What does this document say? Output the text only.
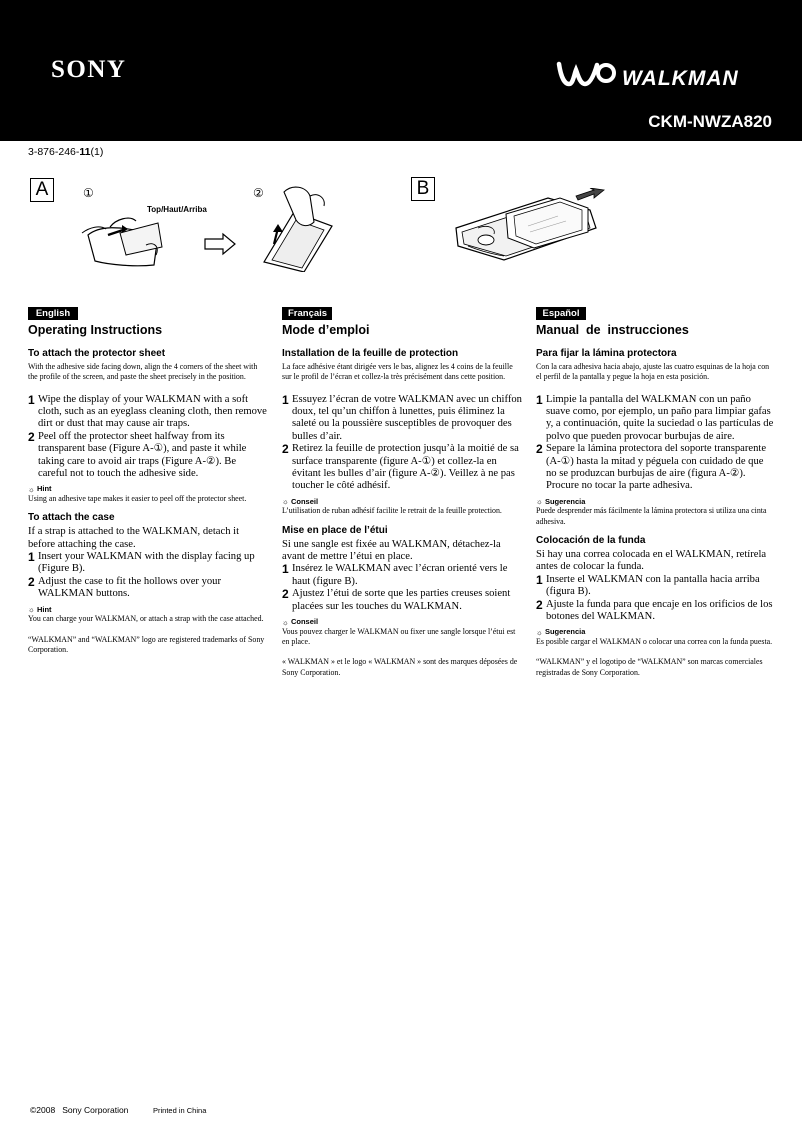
SONY	WALKMAN
CKM-NWZA820
3-876-246-11(1)
A	①	②
Top/Haut/Arriba
B
English
Operating Instructions
To attach the protector sheet

With the adhesive side facing down, align the 4 corners of the sheet with the profile of the screen, and paste the sheet precisely in the position.

1 Wipe the display of your WALKMAN with a soft cloth, such as an eyeglass cleaning cloth, then remove dirt or dust that may cause air traps.
2 Peel off the protector sheet halfway from its transparent base (Figure A-①), and paste it while taking care to avoid air traps (Figure A-②). Be careful not to touch the adhesive side.
☼ Hint

Using an adhesive tape makes it easier to peel off the protector sheet.

To attach the case
If a strap is attached to the WALKMAN, detach it before attaching the case.
1 Insert your WALKMAN with the display facing up (Figure B).
2 Adjust the case to fit the hollows over your WALKMAN buttons.
☼ Hint

You can charge your WALKMAN, or attach a strap with the case attached.

“WALKMAN” and “WALKMAN” logo are registered trademarks of Sony Corporation.
Français
Mode d’emploi
Installation de la feuille de protection

La face adhésive étant dirigée vers le bas, alignez les 4 coins de la feuille sur le profil de l’écran et collez-la très précisément dans cette position.

1 Essuyez l’écran de votre WALKMAN avec un chiffon doux, tel qu’un chiffon à lunettes, puis éliminez la saleté ou la poussière susceptibles de provoquer des bulles d’air.
2 Retirez la feuille de protection jusqu’à la moitié de sa surface transparente (figure A-①) et collez-la en évitant les bulles d’air (figure A-②). Veillez à ne pas toucher le côté adhésif.
☼ Conseil

L’utilisation de ruban adhésif facilite le retrait de la feuille protection.

Mise en place de l’étui
Si une sangle est fixée au WALKMAN, détachez-la avant de mettre l’étui en place.
1 Insérez le WALKMAN avec l’écran orienté vers le haut (figure B).
2 Ajustez l’étui de sorte que les parties creuses soient placées sur les touches du WALKMAN.
☼ Conseil

Vous pouvez charger le WALKMAN ou fixer une sangle lorsque l’étui est en place.

« WALKMAN » et le logo « WALKMAN » sont des marques déposées de Sony Corporation.
Español
Manual  de  instrucciones
Para fijar la lámina protectora

Con la cara adhesiva hacia abajo, ajuste las cuatro esquinas de la hoja con el perfil de la pantalla y pegue la hoja en esta posición.

1 Limpie la pantalla del WALKMAN con un paño suave como, por ejemplo, un paño para limpiar gafas y, a continuación, quite la suciedad o las partículas de polvo que pueden provocar burbujas de aire.
2 Separe la lámina protectora del soporte transparente (A-①) hasta la mitad y péguela con cuidado de que no se produzcan burbujas de aire (figura A-②). Procure no tocar la parte adhesiva.
☼ Sugerencia

Puede desprender más fácilmente la lámina protectora si utiliza una cinta adhesiva.

Colocación de la funda
Si hay una correa colocada en el WALKMAN, retírela antes de colocar la funda.
1 Inserte el WALKMAN con la pantalla hacia arriba (figura B).
2 Ajuste la funda para que encaje en los orificios de los botones del WALKMAN.
☼ Sugerencia

Es posible cargar el WALKMAN o colocar una correa con la funda puesta.

“WALKMAN” y el logotipo de “WALKMAN” son marcas comerciales registradas de Sony Corporation.
©2008   Sony Corporation	Printed in China
